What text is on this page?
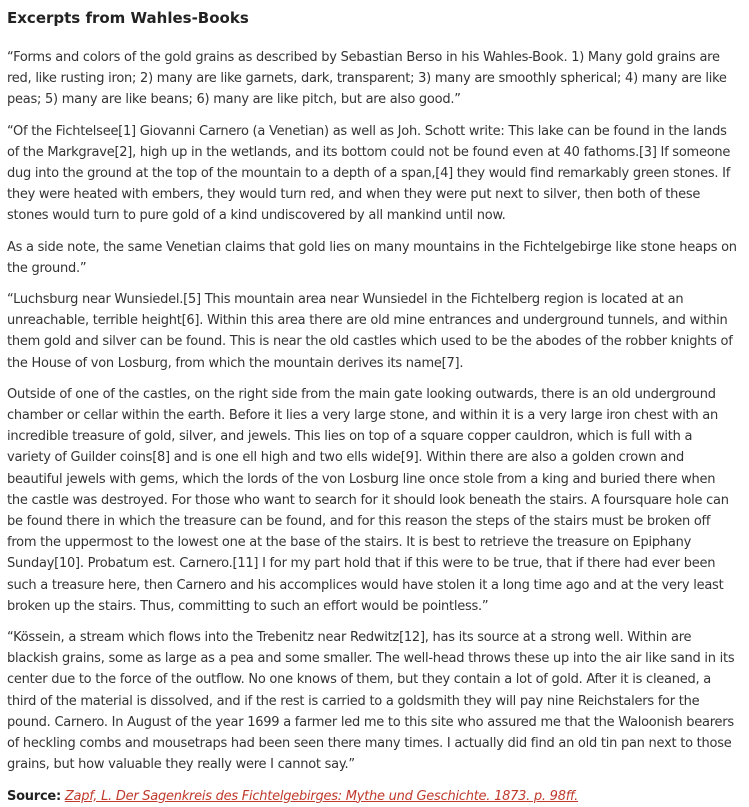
Excerpts from Wahles-Books

“Forms and colors of the gold grains as described by Sebastian Berso in his Wahles-Book. 1) Many gold grains are red, like rusting iron; 2) many are like garnets, dark, transparent; 3) many are smoothly spherical; 4) many are like peas; 5) many are like beans; 6) many are like pitch, but are also good.”

“Of the Fichtelsee[1] Giovanni Carnero (a Venetian) as well as Joh. Schott write: This lake can be found in the lands of the Markgrave[2], high up in the wetlands, and its bottom could not be found even at 40 fathoms.[3] If someone dug into the ground at the top of the mountain to a depth of a span,[4] they would find remarkably green stones. If they were heated with embers, they would turn red, and when they were put next to silver, then both of these stones would turn to pure gold of a kind undiscovered by all mankind until now.

As a side note, the same Venetian claims that gold lies on many mountains in the Fichtelgebirge like stone heaps on the ground.”

“Luchsburg near Wunsiedel.[5] This mountain area near Wunsiedel in the Fichtelberg region is located at an unreachable, terrible height[6]. Within this area there are old mine entrances and underground tunnels, and within them gold and silver can be found. This is near the old castles which used to be the abodes of the robber knights of the House of von Losburg, from which the mountain derives its name[7].

Outside of one of the castles, on the right side from the main gate looking outwards, there is an old underground chamber or cellar within the earth. Before it lies a very large stone, and within it is a very large iron chest with an incredible treasure of gold, silver, and jewels. This lies on top of a square copper cauldron, which is full with a variety of Guilder coins[8] and is one ell high and two ells wide[9]. Within there are also a golden crown and beautiful jewels with gems, which the lords of the von Losburg line once stole from a king and buried there when the castle was destroyed. For those who want to search for it should look beneath the stairs. A foursquare hole can be found there in which the treasure can be found, and for this reason the steps of the stairs must be broken off from the uppermost to the lowest one at the base of the stairs. It is best to retrieve the treasure on Epiphany Sunday[10]. Probatum est. Carnero.[11] I for my part hold that if this were to be true, that if there had ever been such a treasure here, then Carnero and his accomplices would have stolen it a long time ago and at the very least broken up the stairs. Thus, committing to such an effort would be pointless.”

“Kössein, a stream which flows into the Trebenitz near Redwitz[12], has its source at a strong well. Within are blackish grains, some as large as a pea and some smaller. The well-head throws these up into the air like sand in its center due to the force of the outflow. No one knows of them, but they contain a lot of gold. After it is cleaned, a third of the material is dissolved, and if the rest is carried to a goldsmith they will pay nine Reichstalers for the pound. Carnero. In August of the year 1699 a farmer led me to this site who assured me that the Waloonish bearers of heckling combs and mousetraps had been seen there many times. I actually did find an old tin pan next to those grains, but how valuable they really were I cannot say.”

Source: Zapf, L. Der Sagenkreis des Fichtelgebirges: Mythe und Geschichte. 1873. p. 98ff.
